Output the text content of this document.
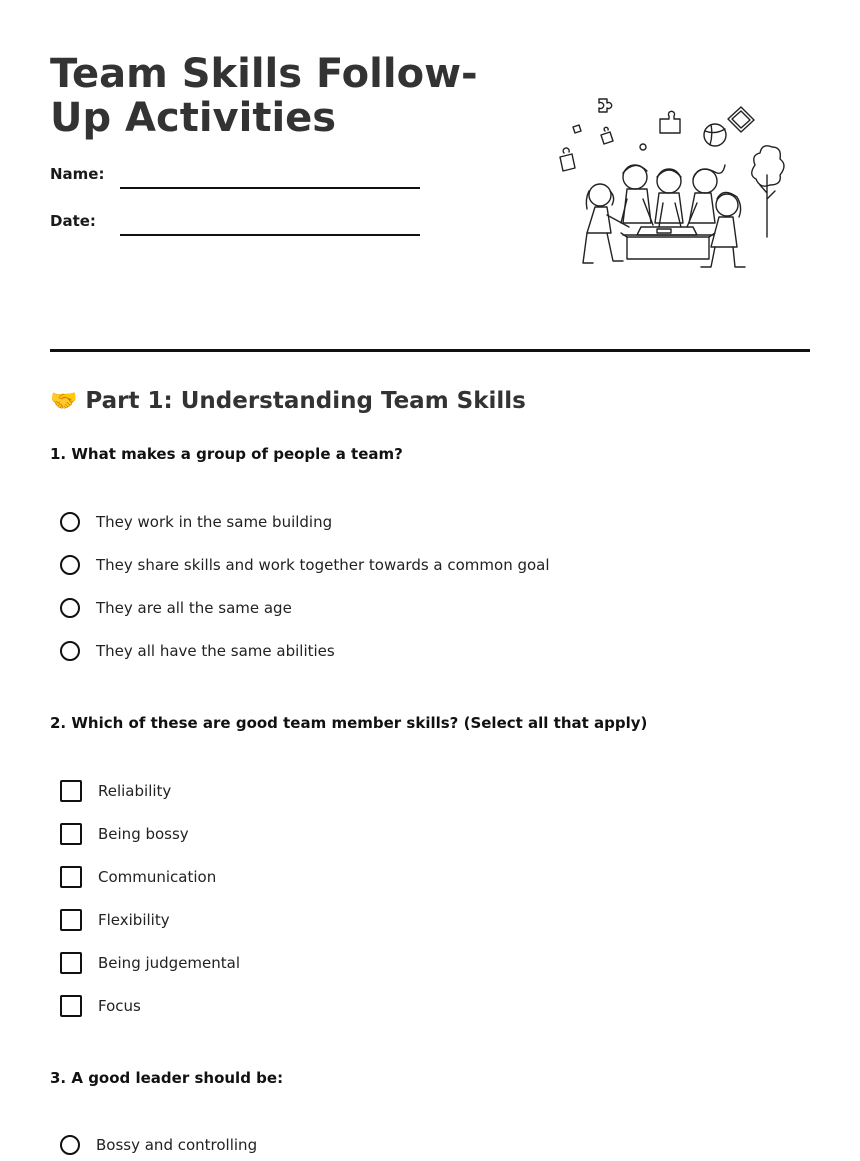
Team Skills Follow-Up Activities
Name:
Date:
🤝 Part 1: Understanding Team Skills
1. What makes a group of people a team?
They work in the same building
They share skills and work together towards a common goal
They are all the same age
They all have the same abilities
2. Which of these are good team member skills? (Select all that apply)
Reliability
Being bossy
Communication
Flexibility
Being judgemental
Focus
3. A good leader should be:
Bossy and controlling
